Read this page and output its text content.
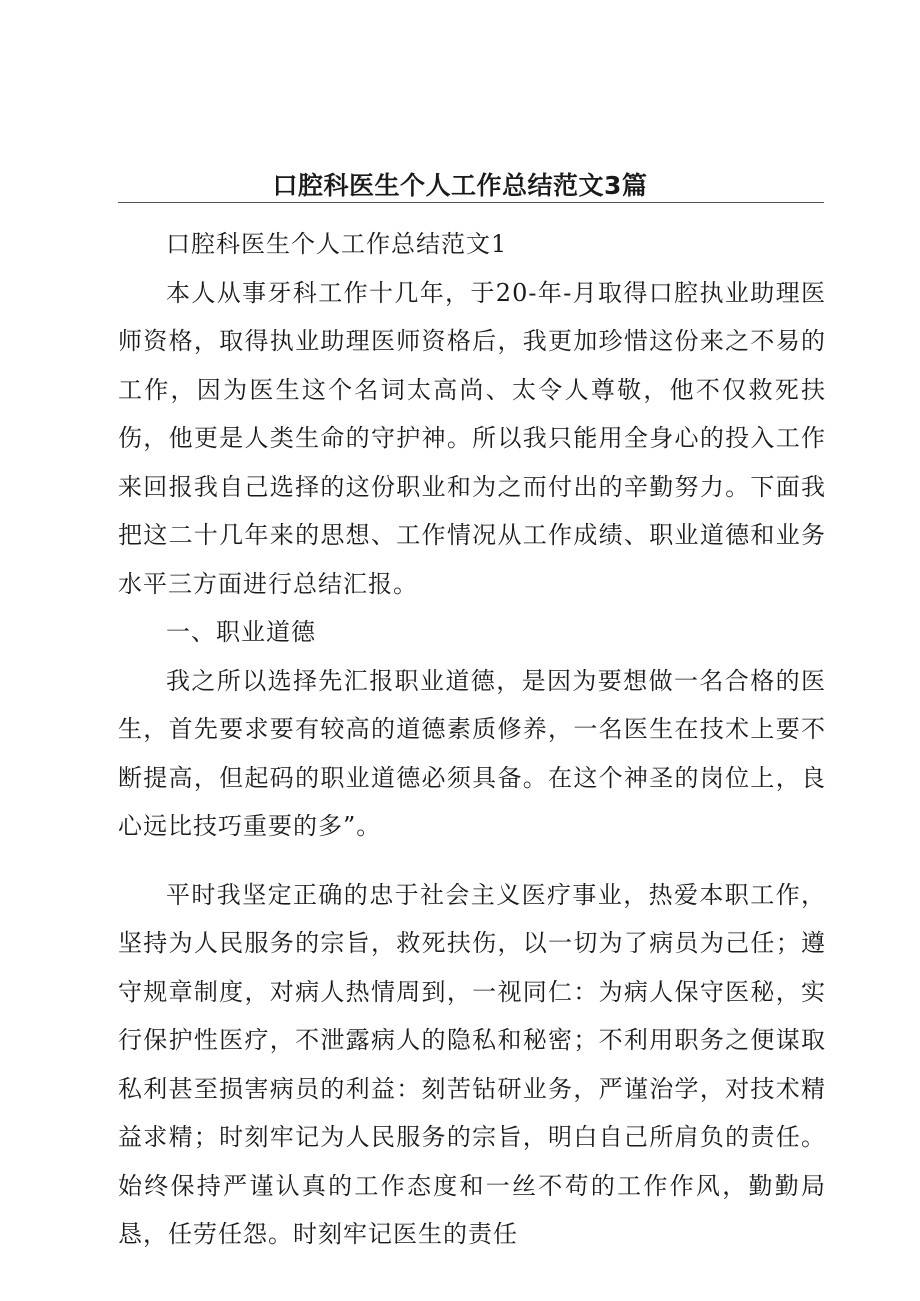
口腔科医生个人工作总结范文3篇

口腔科医生个人工作总结范文1

本人从事牙科工作十几年，于20-年-月取得口腔执业助理医师资格，取得执业助理医师资格后，我更加珍惜这份来之不易的工作，因为医生这个名词太高尚、太令人尊敬，他不仅救死扶伤，他更是人类生命的守护神。所以我只能用全身心的投入工作来回报我自己选择的这份职业和为之而付出的辛勤努力。下面我把这二十几年来的思想、工作情况从工作成绩、职业道德和业务水平三方面进行总结汇报。

一、职业道德

我之所以选择先汇报职业道德，是因为要想做一名合格的医生，首先要求要有较高的道德素质修养，一名医生在技术上要不断提高，但起码的职业道德必须具备。在这个神圣的岗位上，良心远比技巧重要的多”。

平时我坚定正确的忠于社会主义医疗事业，热爱本职工作，坚持为人民服务的宗旨，救死扶伤，以一切为了病员为己任；遵守规章制度，对病人热情周到，一视同仁：为病人保守医秘，实行保护性医疗，不泄露病人的隐私和秘密；不利用职务之便谋取私利甚至损害病员的利益：刻苦钻研业务，严谨治学，对技术精益求精；时刻牢记为人民服务的宗旨，明白自己所肩负的责任。始终保持严谨认真的工作态度和一丝不苟的工作作风，勤勤局恳，任劳任怨。时刻牢记医生的责任
